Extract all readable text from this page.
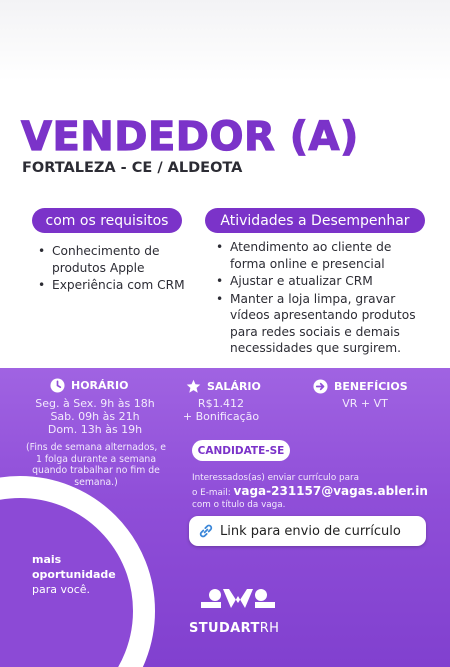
VENDEDOR (A)
FORTALEZA - CE / ALDEOTA
com os requisitos	Atividades a Desempenhar
• Conhecimento de produtos Apple
• Experiência com CRM
• Atendimento ao cliente de forma online e presencial
• Ajustar e atualizar CRM
• Manter a loja limpa, gravar vídeos apresentando produtos para redes sociais e demais necessidades que surgirem.
HORÁRIO
Seg. à Sex. 9h às 18h
Sab. 09h às 21h
Dom. 13h às 19h
(Fins de semana alternados, e 1 folga durante a semana quando trabalhar no fim de semana.)
SALÁRIO
R$1.412
+ Bonificação
BENEFÍCIOS
VR + VT
CANDIDATE-SE
Interessados(as) enviar currículo para
o E-mail: vaga-231157@vagas.abler.in
com o título da vaga.
Link para envio de currículo
mais
oportunidade
para você.
STUDARTRH
